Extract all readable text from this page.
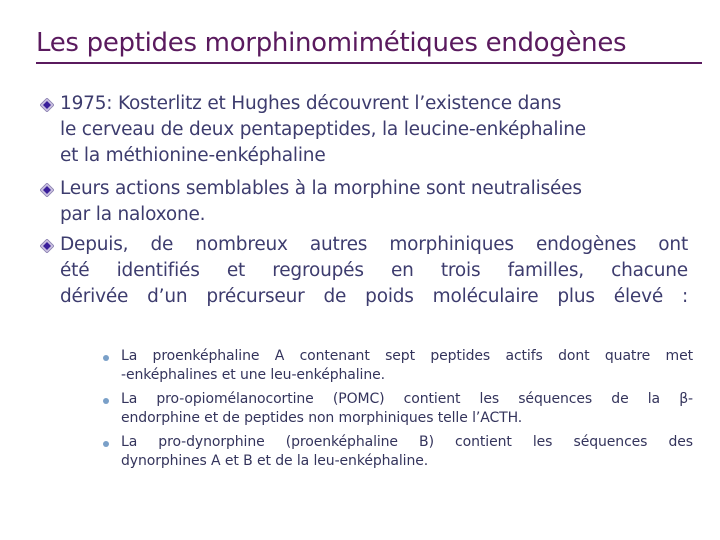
Les peptides morphinomimétiques endogènes
1975: Kosterlitz et Hughes découvrent l’existence dans
le cerveau de deux pentapeptides, la leucine-enképhaline
et la méthionine-enképhaline
Leurs actions semblables à la morphine sont neutralisées
par la naloxone.
Depuis, de nombreux autres morphiniques endogènes ont
été identifiés et regroupés en trois familles, chacune
dérivée d’un précurseur de poids moléculaire plus élevé :
La proenképhaline A contenant sept peptides actifs dont quatre met
-enképhalines et une leu-enképhaline.
La pro-opiomélanocortine (POMC) contient les séquences de la β-
endorphine et de peptides non morphiniques telle l’ACTH.
La pro-dynorphine (proenképhaline B) contient les séquences des
dynorphines A et B et de la leu-enképhaline.
